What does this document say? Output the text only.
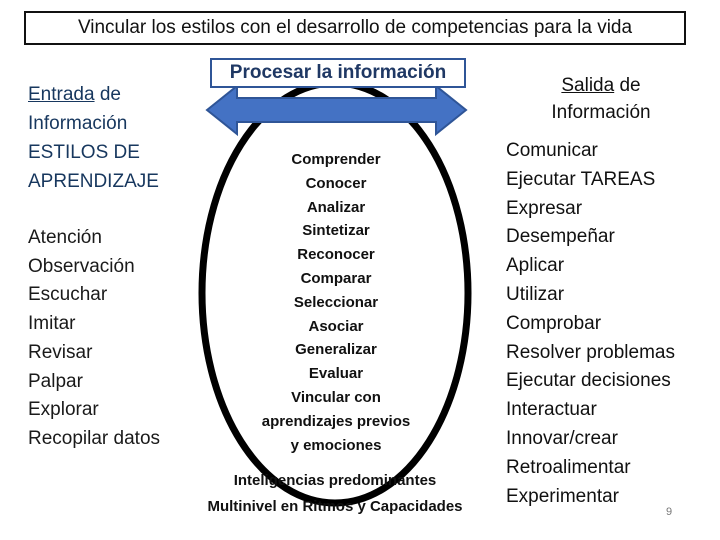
Vincular los estilos con el desarrollo de competencias para la vida
Entrada de
Información
ESTILOS DE
APRENDIZAJE
Atención
Observación
Escuchar
Imitar
Revisar
Palpar
Explorar
Recopilar datos
Procesar la información
Comprender
Conocer
Analizar
Sintetizar
Reconocer
Comparar
Seleccionar
Asociar
Generalizar
Evaluar
Vincular con
aprendizajes previos
y emociones
Inteligencias predominantes
Multinivel en Ritmos y Capacidades
Salida de
Información
Comunicar
Ejecutar TAREAS
Expresar
Desempeñar
Aplicar
Utilizar
Comprobar
Resolver problemas
Ejecutar decisiones
Interactuar
Innovar/crear
Retroalimentar
Experimentar
9
